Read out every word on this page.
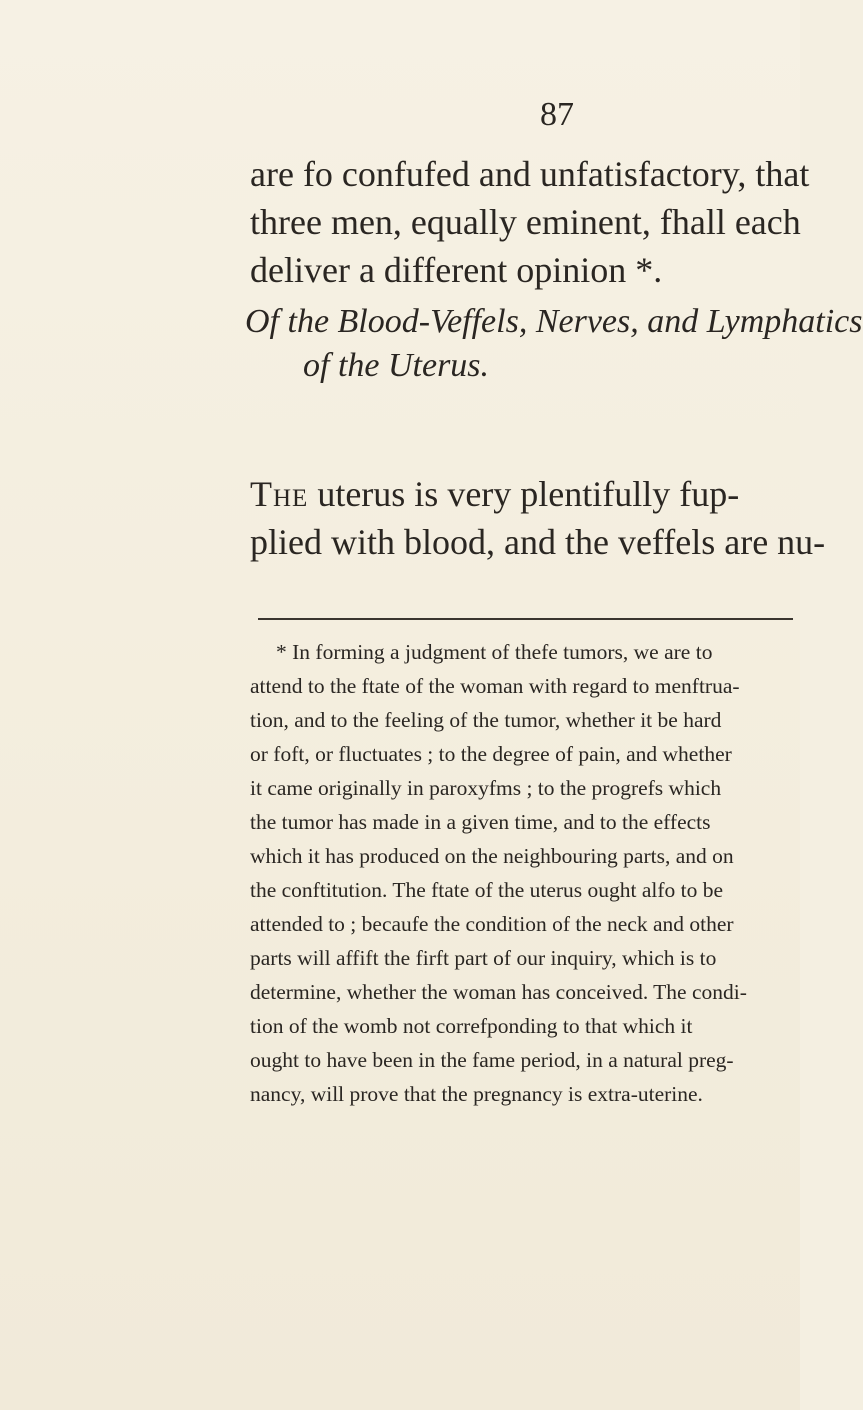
87
are fo confufed and unfatisfactory, that
three men, equally eminent, fhall each
deliver a different opinion *.
Of the Blood-Veffels, Nerves, and Lymphatics
of the Uterus.
The uterus is very plentifully fup-
plied with blood, and the veffels are nu-
* In forming a judgment of thefe tumors, we are to
attend to the ftate of the woman with regard to menftrua-
tion, and to the feeling of the tumor, whether it be hard
or foft, or fluctuates ; to the degree of pain, and whether
it came originally in paroxyfms ; to the progrefs which
the tumor has made in a given time, and to the effects
which it has produced on the neighbouring parts, and on
the conftitution. The ftate of the uterus ought alfo to be
attended to ; becaufe the condition of the neck and other
parts will affift the firft part of our inquiry, which is to
determine, whether the woman has conceived. The condi-
tion of the womb not correfponding to that which it
ought to have been in the fame period, in a natural preg-
nancy, will prove that the pregnancy is extra-uterine.
